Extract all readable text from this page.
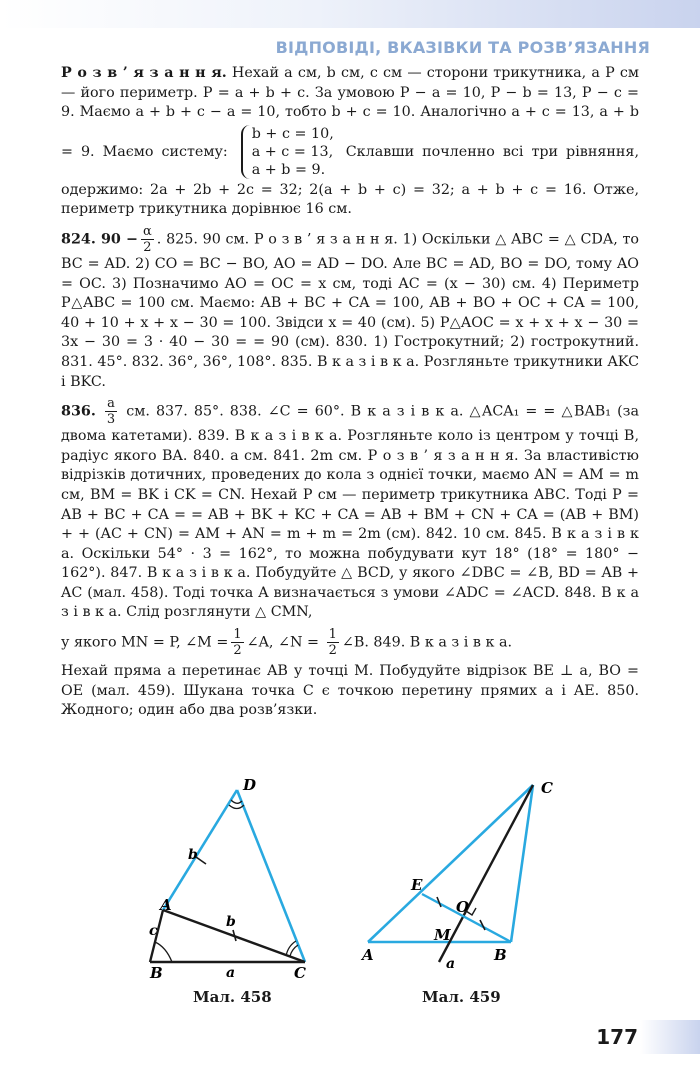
ВІДПОВІДІ, ВКАЗІВКИ ТА РОЗВ’ЯЗАННЯ

Р о з в ’ я з а н н я. Нехай a см, b см, c см — сторони трикутника, a P см — його периметр. P = a + b + c. За умовою P − a = 10, P − b = 13, P − c = 9. Маємо a + b + c − a = 10, тобто b + c = 10. Аналогічно a + c = 13, a + b = 9. Маємо систему:
b + c = 10,
a + c = 13,
a + b = 9.
Склавши почленно всі три рівняння, одержимо: 2a + 2b + 2c = 32; 2(a + b + c) = 32; a + b + c = 16. Отже, периметр трикутника дорівнює 16 см.

824. $90 - \frac{\alpha}{2}$ . 825. 90 см. Р о з в ’ я з а н н я. 1) Оскільки △ ABC = △ CDA, то BC = AD. 2) CO = BC − BO, AO = AD − DO. Але BC = AD, BO = DO, тому AO = OC. 3) Позначимо AO = OC = x см, тоді AC = (x − 30) см. 4) Периметр P△ABC = 100 см. Маємо: AB + BC + CA = 100, AB + BO + OC + CA = 100, 40 + 10 + x + x − 30 = 100. Звідси x = 40 (см). 5) P△AOC = x + x + x − 30 = 3x − 30 = 3 · 40 − 30 = = 90 (см). 830. 1) Гострокутний; 2) гострокутний. 831. 45°. 832. 36°, 36°, 108°. 835. В к а з і в к а. Розгляньте трикутники AKC і BKC.

836. $\frac{a}{3}$ см. 837. 85°. 838. ∠C = 60°. В к а з і в к а. △ACA₁ = = △BAB₁ (за двома катетами). 839. В к а з і в к а. Розгляньте коло із центром у точці B, радіус якого BA. 840. a см. 841. 2m см. Р о з в ’ я з а н н я. За властивістю відрізків дотичних, проведених до кола з однієї точки, маємо AN = AM = m см, BM = BK і CK = CN. Нехай P см — периметр трикутника ABC. Тоді P = AB + BC + CA = = AB + BK + KC + CA = AB + BM + CN + CA = (AB + BM) + + (AC + CN) = AM + AN = m + m = 2m (см). 842. 10 см. 845. В к а з і в к а. Оскільки 54° · 3 = 162°, то можна побудувати кут 18° (18° = 180° − 162°). 847. В к а з і в к а. Побудуйте △ BCD, у якого ∠DBC = ∠B, BD = AB + AC (мал. 458). Тоді точка A визначається з умови ∠ADC = ∠ACD. 848. В к а з і в к а. Слід розглянути △ CMN,

у якого MN = P, ∠M = $\frac{1}{2}$ ∠A, ∠N = $\frac{1}{2}$ ∠B. 849. В к а з і в к а.

Нехай пряма a перетинає AB у точці M. Побудуйте відрізок BE ⊥ a, BO = OE (мал. 459). Шукана точка C є точкою перетину прямих a і AE. 850. Жодного; один або два розв’язки.

D
A
B	C
b
b
c
a
C
E
O
M
A	B
a
Мал. 458	Мал. 459
177
